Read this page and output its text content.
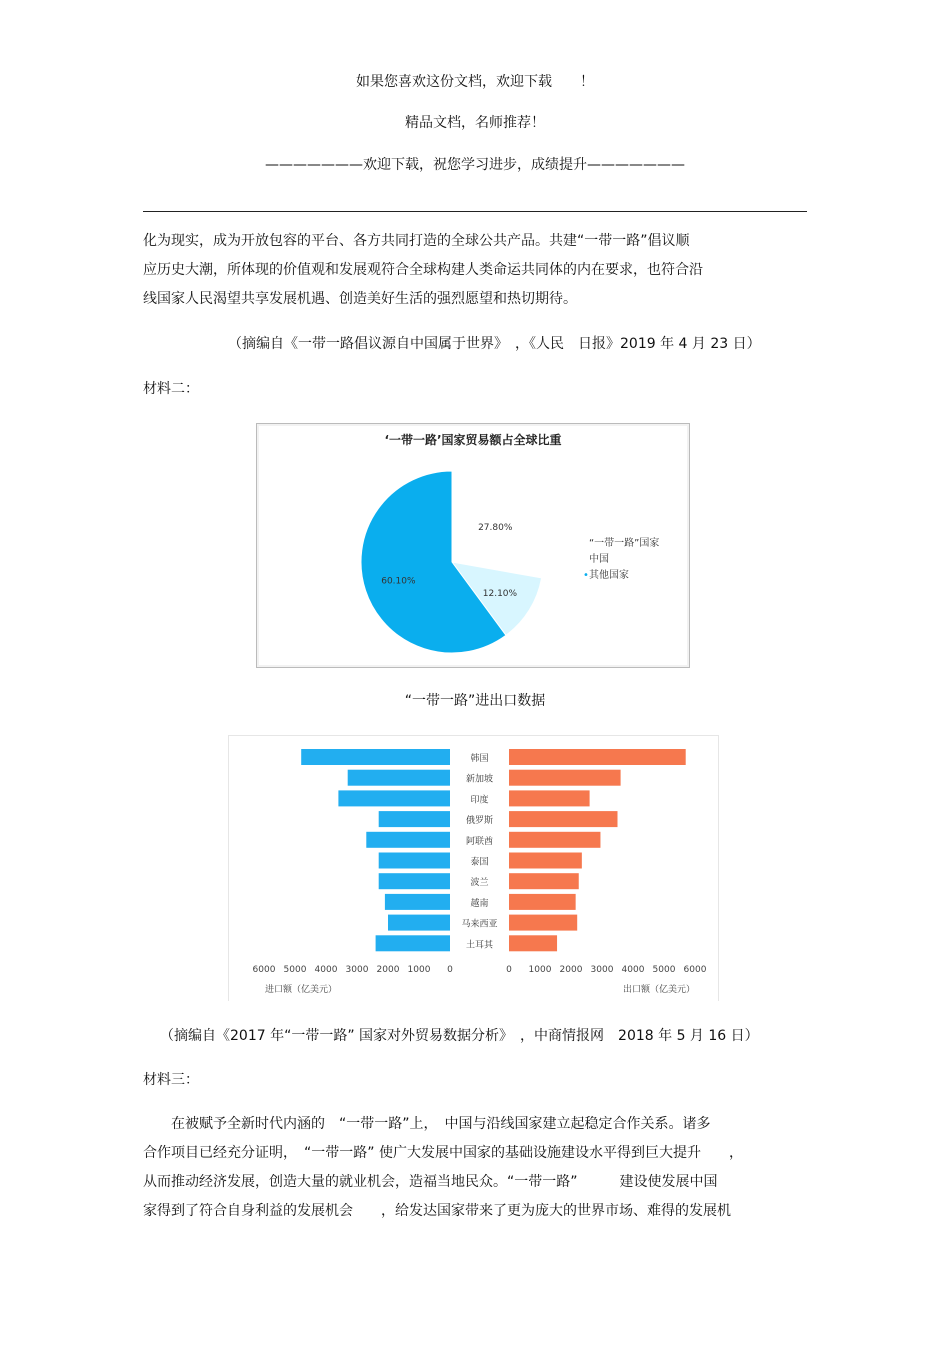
如果您喜欢这份文档，欢迎下载　　！
精品文档，名师推荐！
———————欢迎下载，祝您学习进步，成绩提升———————
化为现实，成为开放包容的平台、各方共同打造的全球公共产品。共建“一带一路”倡议顺
应历史大潮，所体现的价值观和发展观符合全球构建人类命运共同体的内在要求，也符合沿
线国家人民渴望共享发展机遇、创造美好生活的强烈愿望和热切期待。
（摘编自《一带一路倡议源自中国属于世界》　，《人民　日报》2019 年 4 月 23 日）
材料二：
‘一带一路’国家贸易额占全球比重
27.80%
12.10%
60.10%
“一带一路”国家
中国
• 其他国家
“一带一路”进出口数据
韩国
新加坡
印度
俄罗斯
阿联酋
泰国
波兰
越南
马来西亚
土耳其
6000 5000 4000 3000 2000 1000 0	0 1000 2000 3000 4000 5000 6000
进口额（亿美元）	出口额（亿美元）
（摘编自《2017 年“一带一路” 国家对外贸易数据分析》　，中商情报网　2018 年 5 月 16 日）
材料三：
　　在被赋予全新时代内涵的　“一带一路”上，　中国与沿线国家建立起稳定合作关系。诸多
合作项目已经充分证明，　“一带一路” 使广大发展中国家的基础设施建设水平得到巨大提升　　，
从而推动经济发展，创造大量的就业机会，造福当地民众。“一带一路”　　　建设使发展中国
家得到了符合自身利益的发展机会　　，给发达国家带来了更为庞大的世界市场、难得的发展机
